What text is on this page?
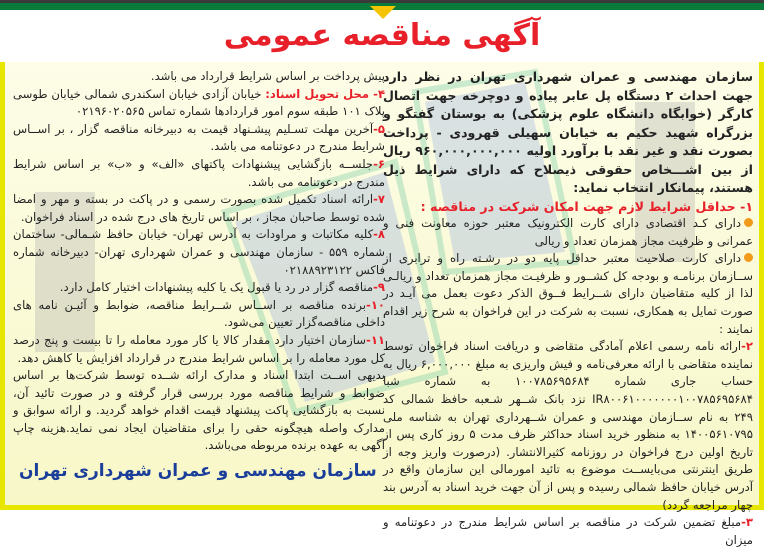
آگهی مناقصه عمومی

سازمان مهندسی و عمران شهرداری تهران در نظر دارد جهت احداث ۲ دستگاه پل عابر پیاده و دوچرخه جهت اتصال کارگر (خوابگاه دانشگاه علوم پزشکی) به بوستان گفتگو و بزرگراه شهید حکیم به خیابان سهیلی قهرودی - پرداخت بصورت نقد و غیر نقد با برآورد اولیه ۹۶۰,۰۰۰,۰۰۰,۰۰۰ ریال از بین اشـــخاص حقوقی ذیصلاح که دارای شرایط ذیل هستند، پیمانکار انتخاب نماید:

۱- حداقل شرایط لازم جهت امکان شرکت در مناقصه :

دارای کـد اقتصادی دارای کارت الکترونیک معتبر حوزه معاونت فنی و عمرانی و ظرفیت مجاز همزمان تعداد و ریالی

دارای کارت صلاحیت معتبر حداقل پایه دو در رشـته راه و ترابری از ســازمان برنامـه و بودجه کل کشــور و ظرفیـت مجاز همزمان تعداد و ریالـی لذا از کلیه متقاضیان دارای شــرایط فــوق الذکر دعوت بعمل می آیـد در صورت تمایل به همکاری، نسبت به شرکت در این فراخوان به شرح زیر اقدام نمایند :

۲-ارائه نامه رسمی اعلام آمادگی متقاضی و دریافت اسناد فراخوان توسط نماینده متقاضی با ارائه معرفی‌نامه و فیش واریزی به مبلغ ۶,۰۰۰,۰۰۰ ریال به حساب جاری شماره ۱۰۰۷۸۵۶۹۵۶۸۴ به شماره شبا IR۸۰۰۶۱۰۰۰۰۰۰۰۱۰۰۷۸۵۶۹۵۶۸۴ نزد بانک شــهر شـعبه حافظ شمالی کد ۲۴۹ به نام ســازمان مهندسی و عمران شــهرداری تهران به شناسه ملی ۱۴۰۰۵۶۱۰۷۹۵ به منظور خرید اسناد حداکثر ظرف مدت ۵ روز کاری پس از تاریخ اولین درج فراخوان در روزنامه کثیرالانتشار. (درصورت واریز وجه از طریق اینترنتی می‌بایســت موضوع به تائید امورمالی این سازمان واقع در آدرس خیابان حافظ شمالی رسیده و پس از آن جهت خرید اسناد به آدرس بند چهار مراجعه گردد)

۳-مبلغ تضمین شرکت در مناقصه بر اساس شرایط مندرج در دعوتنامه و میزان

پیش پرداخت بر اساس شرایط قرارداد می باشد.

۴- محل تحویل اسناد: خیابان آزادی خیابان اسکندری شمالی خیابان طوسی پلاک ۱۰۱ طبقه سوم امور قراردادها شماره تماس ۰۲۱۹۶۰۲۰۵۶۵

۵-آخرین مهلت تسـلیم پیشـنهاد قیمت به دبیرخانه مناقصه گزار ، بر اســاس شرایط مندرج در دعوتنامه می باشد.

۶-جلســه بازگشایی پیشنهادات پاکتهای «الف» و «ب» بر اساس شرایط مندرج در دعوتنامه می باشد.

۷-ارائه اسناد تکمیل شده بصورت رسمی و در پاکت در بسته و مهر و امضا شده توسط صاحبان مجاز ، بر اساس تاریخ های درج شده در اسناد فراخوان.

۸-کلیه مکاتبات و مراودات به آدرس تهران- خیابان حافظ شـمالی- ساختمان شماره ۵۵۹ - سازمان مهندسی و عمران شهرداری تهران- دبیرخانه شماره فاکس ۰۲۱۸۸۹۲۳۱۲۲

۹-مناقصه گزار در رد یا قبول یک یا کلیه پیشنهادات اختیار کامل دارد.

۱۰-برنده مناقصه بر اســاس شــرایط مناقصه، ضوابط و آئیـن نامه های داخلی مناقصه‌گزار تعیین می‌شود.

۱۱-سازمان اختیار دارد مقدار کالا یا کار مورد معامله را تا بیست و پنج درصد کل مورد معامله را بر اساس شرایط مندرج در قرارداد افزایش یا کاهش دهد.

بدیهی اســت ابتدا اسناد و مدارک ارائه شــده توسط شرکت‌ها بر اساس ضوابط و شرایط مناقصه مورد بررسی قرار گرفته و در صورت تائید آن، نسبت به بازگشایی پاکت پیشنهاد قیمت اقدام خواهد گردید. و ارائه سوابق و مدارک واصله هیچگونه حقی را برای متقاضیان ایجاد نمی نماید.هزینه چاپ آگهی به عهده برنده مربوطه می‌باشد.

سازمان مهندسی و عمران شهرداری تهران
